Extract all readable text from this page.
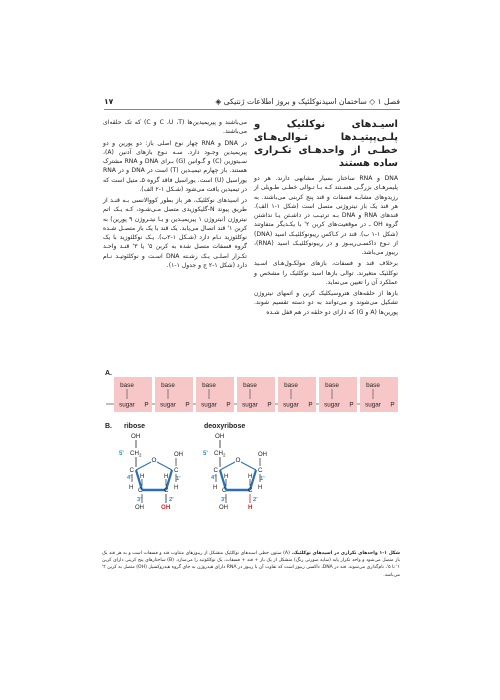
فصل ۱ ◇ ساختمان اسیدنوکلئیک و بروز اطلاعات ژنتیکی ◈
۱۷
اسیـدهای نوکلئیک و پلـی‌پپتیـدها تـوالی‌هـای خطـی از واحدهـای تکـراری ساده هستند

DNA و RNA ساختار بسیار مشابهی دارند. هر دو پلیمرهـای بزرگـی هسـتند کـه بـا تـوالی خطـی طـویلی از رزیدوهای مشابـه فسفات و قند پنج کربنی می‌باشند. به هر قند یک باز نیتروژنی متصل است (شکل ۱-۱ الف). قندهای RNA و DNA بـه ترتیـب در داشـتن یـا نداشتن گروه OH ـ در موقعیت‌های کربن ۲' با یکـدیگر متفاوتند (شکل ۱-۱ ب). قند در کـاکس ریبونوکلئیـک اسید (DNA) از نـوع داکسـی‌ریبـوز و در ریبونوکلئیـک اسید (RNA)، ریبوز می‌باشد.

برخلاف قند و فسفات، بازهای مولکـول‌هـای اسـید نوکلئیک متغیرند. توالی بازها اسید نوکلئیک را مشخص و عملکرد آن را تعیین می‌نماید.

بازها از حلقه‌های هتروسیکلیک کربن و اتمهای نیتروژن تشکیل می‌شوند و می‌توانند به دو دسته تقسیم شوند. پورین‌ها (A و G) که دارای دو حلقه در هم قفل شـده

می‌باشند و پیریمیدین‌ها (C ،U ،T و C) که تک حلقه‌ای می‌باشند.

در DNA و RNA چهار نوع اصلی باز: دو پورین و دو پیریمیدین وجـود دارد. سـه نـوع بازهای آدنین (A)، سـیتوزین (C) و گـوانین (G) بـرای DNA و RNA مشترک هستند. باز چهارم تیمیـدین (T) است در DNA و در RNA یوراسیل (U) است. یوراسیل فاقد گروه ۵ـ متیل است که در تیمیدین یافت می‌شود (شـکل ۱-۲ الف).

در اسیدهای نوکلئیک، هر باز بطور کووالانسی بـه قنـد از طریق پیوند N-گلیکوزیدی متصل مـی‌شـود، کـه یـک اتم نیتروژن (نیتروژن ۱ پیریمیـدین و یـا نیتـروژن ۹ پورین) به کربن ۱' قند اتصال می‌یابد. یک قند با یک باز متصـل شـده نوکلئوزید نـام دارد (شـکل ۱-۲ب). یـک نوکلئوزید با یک گروه فسفات متصل شده به کربن ۵' یا ۳' قنـد واحـد تکـرار اصلـی یـک رشـته DNA اسـت و نوکلئوتیـد نـام دارد (شکل ۱-۲ ج و جدول ۱-۱).

A.
base
sugar P
base
sugar P
base
sugar P
base
sugar P
base
sugar P
base
sugar P
base
sugar P
B. ribose	deoxyribose
OH
$CH_2$
5'
O
C
4'
C
1'
C	C
H
OH
H
H	H
OH
3'	2'
OH
OH
$CH_2$
5'
O
C
4'
C
1'
C	C
H
OH
H
H	H
OH
3'	2'
H
شکل ۱-۱ واحدهای تکراری در اسیدهای نوکلئیک. (A) ستون خطی اسیدهای نوکلئیک متشکل از ریبوزهای متناوب قند و فسفات است و به هر قند یک باز متصل می‌شود و واحد تکرار پایه (سایه صورتی رنگ) متشکل از یک باز + قند + فسفات، یک نوکلئوتید را می‌سازد. (B) ساختارهای پنج کربنی دارای کربن ۱' تا ۵'، نام‌گذاری می‌شوند. قند در DNA، داکسی ریبوز است که تفاوت آن با ریبوز در RNA دارای هیدروژن به جای گروه هیدروکسیل (OH) متصل به کربن ۲' می‌باشد.
